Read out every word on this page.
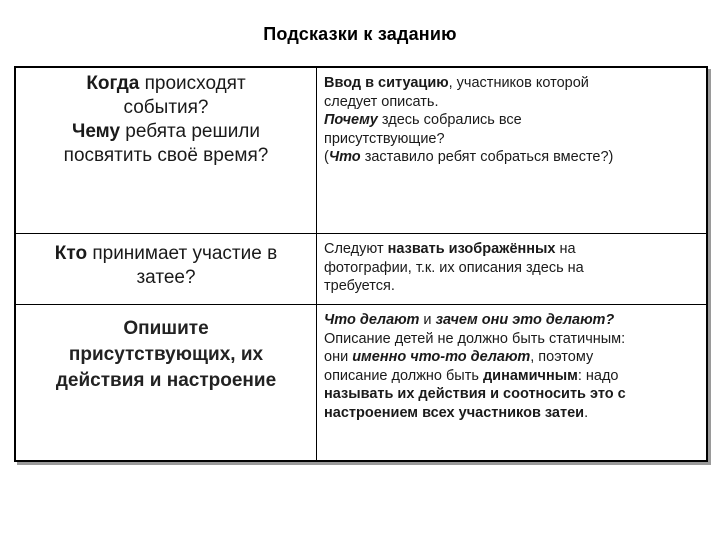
Подсказки к заданию
Когда происходят
события?
Чему ребята решили
посвятить своё время?
Ввод в ситуацию, участников которой
следует описать.
Почему здесь собрались все
присутствующие?
(Что заставило ребят собраться вместе?)
Кто принимает участие в
затее?
Следуют назвать изображённых на
фотографии, т.к. их описания здесь на
требуется.
Опишите
присутствующих, их
действия и настроение
Что делают и зачем они это делают?
Описание детей не должно быть статичным:
они именно что-то делают, поэтому
описание должно быть динамичным: надо
называть их действия и соотносить это с
настроением всех участников затеи.
